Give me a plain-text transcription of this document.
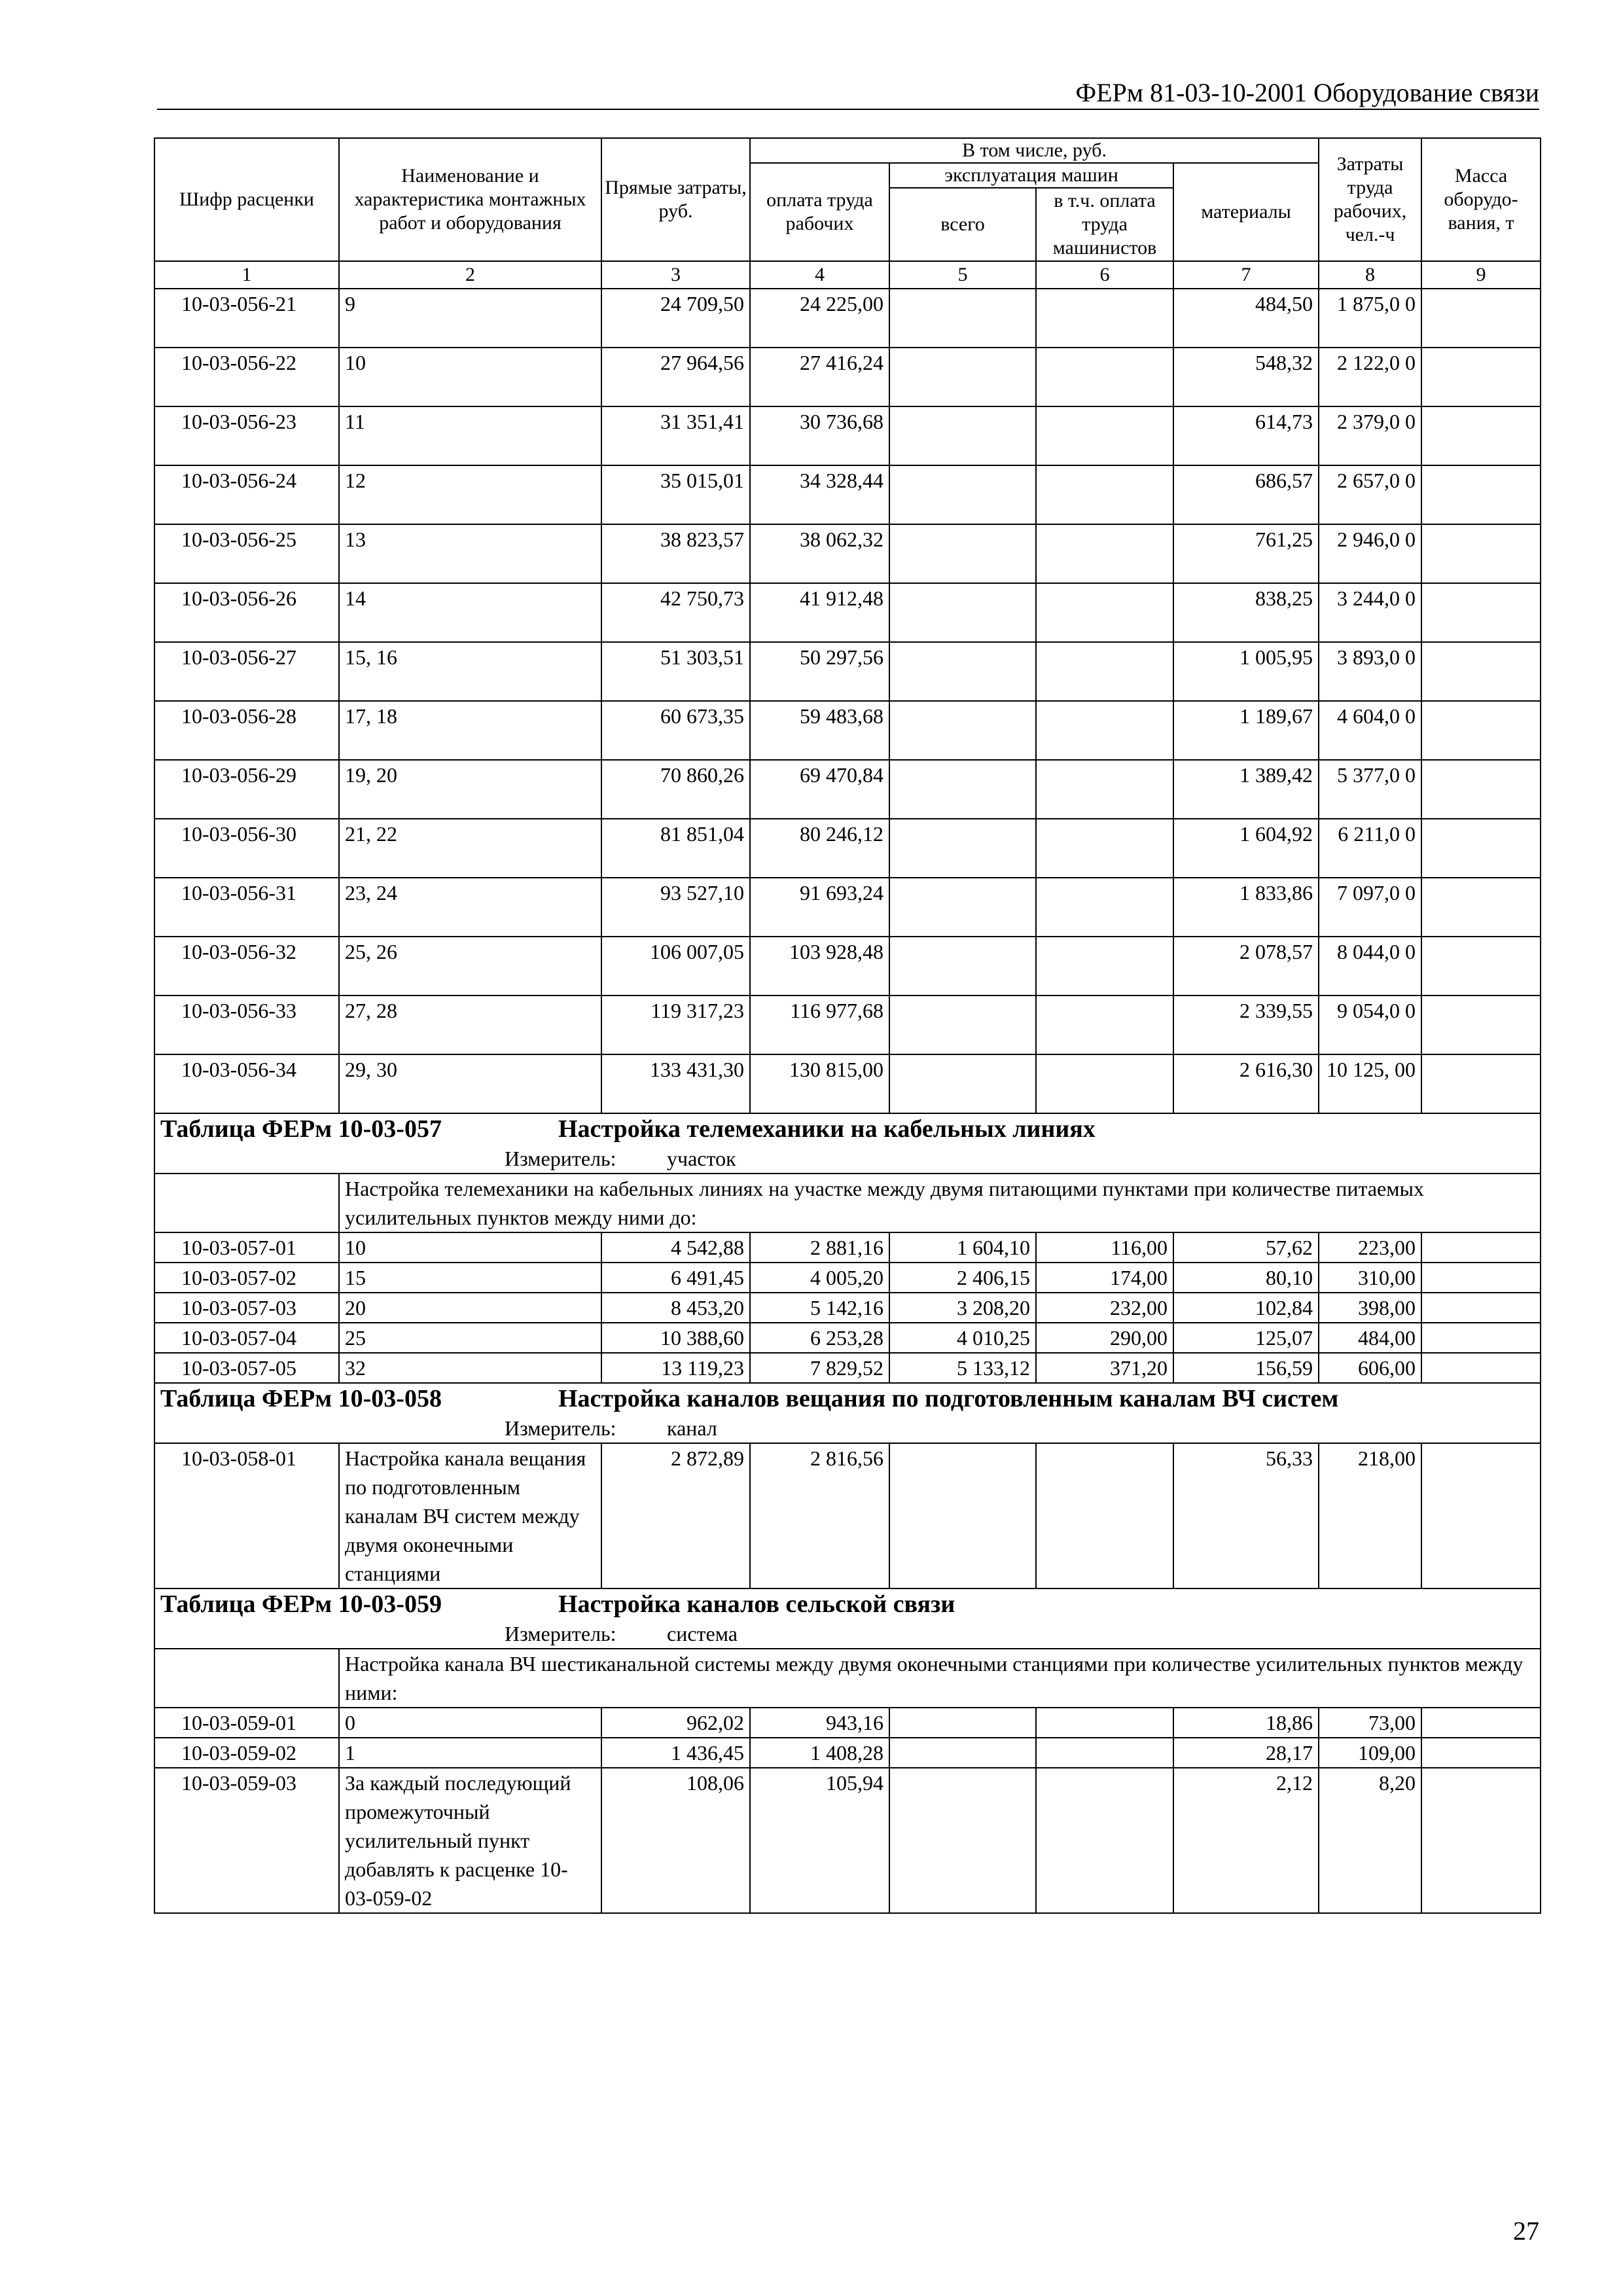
ФЕРм 81-03-10-2001 Оборудование связи
Шифр расценки	Наименование и характеристика монтажных работ и оборудования	Прямые затраты, руб.	В том числе, руб.				Затраты труда рабочих, чел.-ч	Масса оборудо-вания, т
			оплата труда рабочих	эксплуатация машин		материалы		
				всего	в т.ч. оплата труда машинистов			

1	2	3	4	5	6	7	8	9
10-03-056-21	9	24 709,50	24 225,00			484,50	1 875,0 0	
10-03-056-22	10	27 964,56	27 416,24			548,32	2 122,0 0	
10-03-056-23	11	31 351,41	30 736,68			614,73	2 379,0 0	
10-03-056-24	12	35 015,01	34 328,44			686,57	2 657,0 0	
10-03-056-25	13	38 823,57	38 062,32			761,25	2 946,0 0	
10-03-056-26	14	42 750,73	41 912,48			838,25	3 244,0 0	
10-03-056-27	15, 16	51 303,51	50 297,56			1 005,95	3 893,0 0	
10-03-056-28	17, 18	60 673,35	59 483,68			1 189,67	4 604,0 0	
10-03-056-29	19, 20	70 860,26	69 470,84			1 389,42	5 377,0 0	
10-03-056-30	21, 22	81 851,04	80 246,12			1 604,92	6 211,0 0	
10-03-056-31	23, 24	93 527,10	91 693,24			1 833,86	7 097,0 0	
10-03-056-32	25, 26	106 007,05	103 928,48			2 078,57	8 044,0 0	
10-03-056-33	27, 28	119 317,23	116 977,68			2 339,55	9 054,0 0	
10-03-056-34	29, 30	133 431,30	130 815,00			2 616,30	10 125, 00	
Таблица ФЕРм 10-03-057 Настройка телемеханики на кабельных линиях								
Измеритель: участок								
	Настройка телемеханики на кабельных линиях на участке между двумя питающими пунктами при количестве питаемых усилительных пунктов между ними до:							
10-03-057-01	10	4 542,88	2 881,16	1 604,10	116,00	57,62	223,00	
10-03-057-02	15	6 491,45	4 005,20	2 406,15	174,00	80,10	310,00	
10-03-057-03	20	8 453,20	5 142,16	3 208,20	232,00	102,84	398,00	
10-03-057-04	25	10 388,60	6 253,28	4 010,25	290,00	125,07	484,00	
10-03-057-05	32	13 119,23	7 829,52	5 133,12	371,20	156,59	606,00	
Таблица ФЕРм 10-03-058 Настройка каналов вещания по подготовленным каналам ВЧ систем								
Измеритель: канал								
10-03-058-01	Настройка канала вещания по подготовленным каналам ВЧ систем между двумя оконечными станциями	2 872,89	2 816,56			56,33	218,00	
Таблица ФЕРм 10-03-059 Настройка каналов сельской связи								
Измеритель: система								
	Настройка канала ВЧ шестиканальной системы между двумя оконечными станциями при количестве усилительных пунктов между ними:							
10-03-059-01	0	962,02	943,16			18,86	73,00	
10-03-059-02	1	1 436,45	1 408,28			28,17	109,00	
10-03-059-03	За каждый последующий промежуточный усилительный пункт добавлять к расценке 10-03-059-02	108,06	105,94			2,12	8,20	
27
